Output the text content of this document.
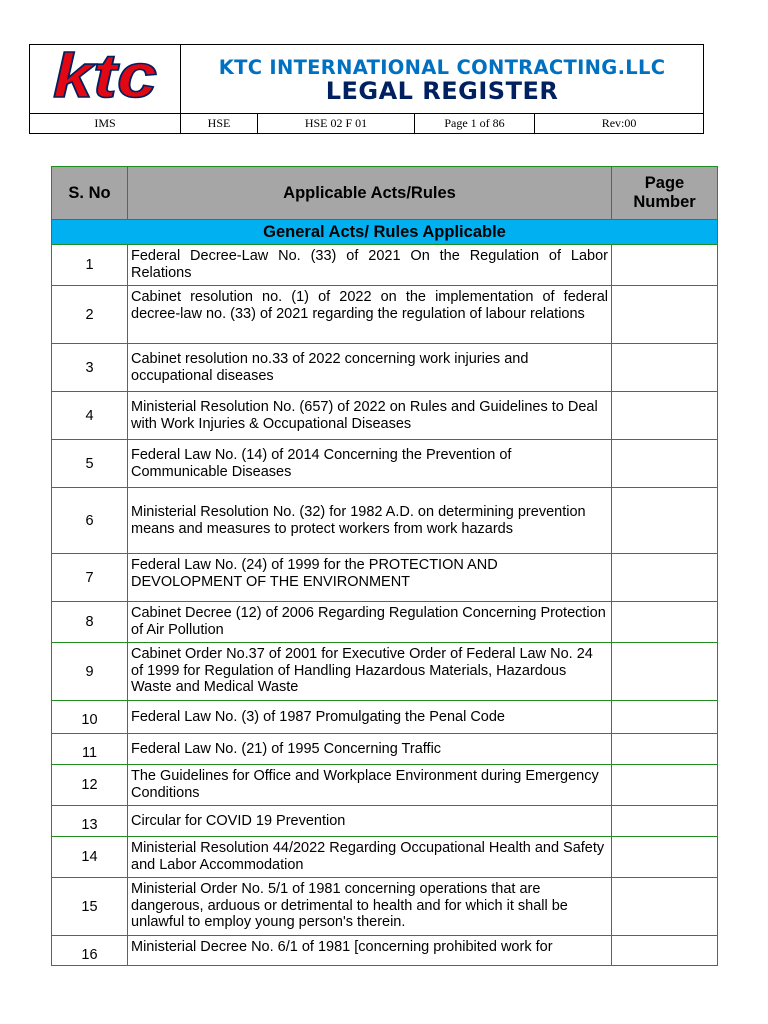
ktc	KTC INTERNATIONAL CONTRACTING.LLC
LEGAL REGISTER			

IMS	HSE	HSE 02 F 01	Page 1 of 86	Rev:00
S. No	Applicable Acts/Rules	Page
Number

General Acts/ Rules Applicable		
1	Federal Decree-Law No. (33) of 2021 On the Regulation of Labor Relations	
2	Cabinet resolution no. (1) of 2022 on the implementation of federal decree-law no. (33) of 2021 regarding the regulation of labour relations	
3	Cabinet resolution no.33 of 2022 concerning work injuries and occupational diseases	
4	Ministerial Resolution No. (657) of 2022 on Rules and Guidelines to Deal with Work Injuries & Occupational Diseases	
5	Federal Law No. (14) of 2014 Concerning the Prevention of Communicable Diseases	
6	Ministerial Resolution No. (32) for 1982 A.D. on determining prevention means and measures to protect workers from work hazards	
7	Federal Law No. (24) of 1999 for the PROTECTION AND DEVOLOPMENT OF THE ENVIRONMENT	
8	Cabinet Decree (12) of 2006 Regarding Regulation Concerning Protection of Air Pollution	
9	Cabinet Order No.37 of 2001 for Executive Order of Federal Law No. 24 of 1999 for Regulation of Handling Hazardous Materials, Hazardous Waste and Medical Waste	
10	Federal Law No. (3) of 1987 Promulgating the Penal Code	
11	Federal Law No. (21) of 1995 Concerning Traffic	
12	The Guidelines for Office and Workplace Environment during Emergency Conditions	
13	Circular for COVID 19 Prevention	
14	Ministerial Resolution 44/2022 Regarding Occupational Health and Safety and Labor Accommodation	
15	Ministerial Order No. 5/1 of 1981 concerning operations that are dangerous, arduous or detrimental to health and for which it shall be unlawful to employ young person's therein.	
16	Ministerial Decree No. 6/1 of 1981 [concerning prohibited work for	
